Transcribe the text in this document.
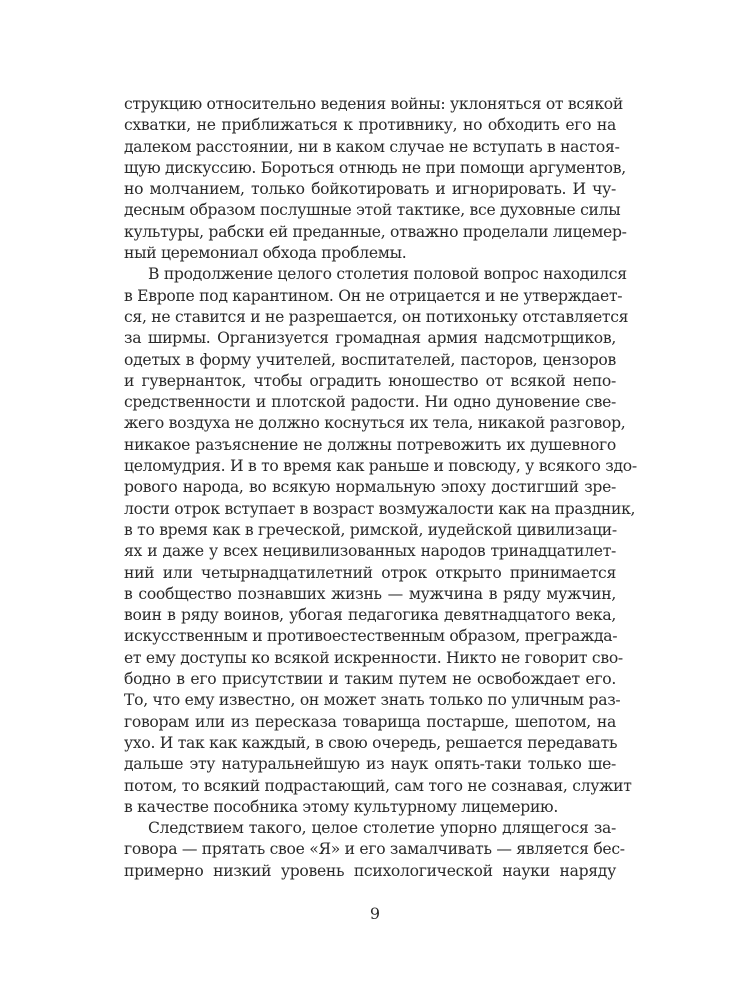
струкцию относительно ведения войны: уклоняться от всякой
схватки, не приближаться к противнику, но обходить его на
далеком расстоянии, ни в каком случае не вступать в настоя-
щую дискуссию. Бороться отнюдь не при помощи аргументов,
но молчанием, только бойкотировать и игнорировать. И чу-
десным образом послушные этой тактике, все духовные силы
культуры, рабски ей преданные, отважно проделали лицемер-
ный церемониал обхода проблемы.
В продолжение целого столетия половой вопрос находился
в Европе под карантином. Он не отрицается и не утверждает-
ся, не ставится и не разрешается, он потихоньку отставляется
за ширмы. Организуется громадная армия надсмотрщиков,
одетых в форму учителей, воспитателей, пасторов, цензоров
и гувернанток, чтобы оградить юношество от всякой непо-
средственности и плотской радости. Ни одно дуновение све-
жего воздуха не должно коснуться их тела, никакой разговор,
никакое разъяснение не должны потревожить их душевного
целомудрия. И в то время как раньше и повсюду, у всякого здо-
рового народа, во всякую нормальную эпоху достигший зре-
лости отрок вступает в возраст возмужалости как на праздник,
в то время как в греческой, римской, иудейской цивилизаци-
ях и даже у всех нецивилизованных народов тринадцатилет-
ний или четырнадцатилетний отрок открыто принимается
в сообщество познавших жизнь — мужчина в ряду мужчин,
воин в ряду воинов, убогая педагогика девятнадцатого века,
искусственным и противоестественным образом, прегражда-
ет ему доступы ко всякой искренности. Никто не говорит сво-
бодно в его присутствии и таким путем не освобождает его.
То, что ему известно, он может знать только по уличным раз-
говорам или из пересказа товарища постарше, шепотом, на
ухо. И так как каждый, в свою очередь, решается передавать
дальше эту натуральнейшую из наук опять-таки только ше-
потом, то всякий подрастающий, сам того не сознавая, служит
в качестве пособника этому культурному лицемерию.
Следствием такого, целое столетие упорно длящегося за-
говора — прятать свое «Я» и его замалчивать — является бес-
примерно низкий уровень психологической науки наряду
9
